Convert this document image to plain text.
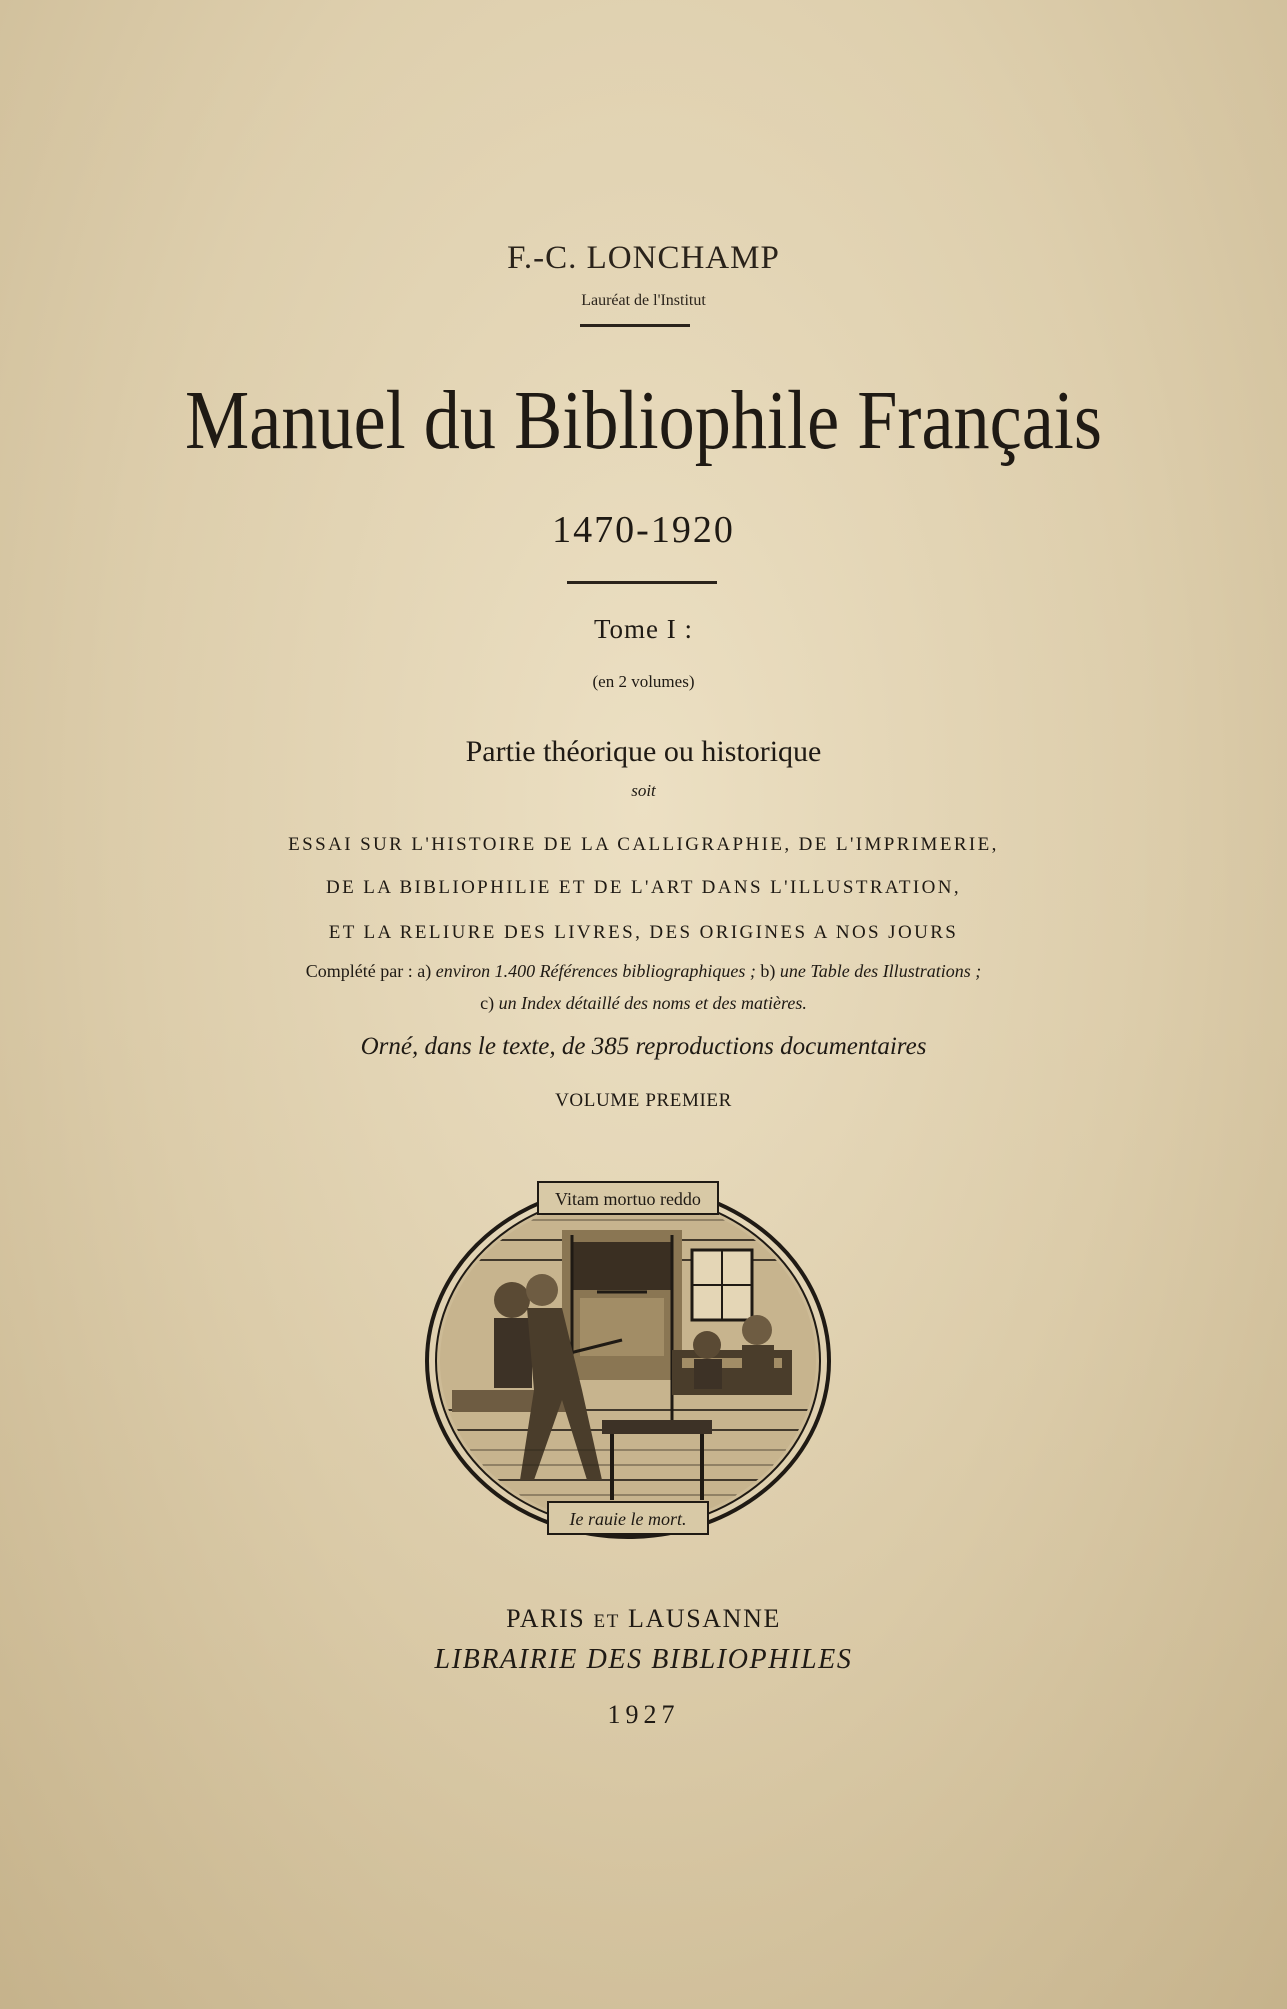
F.-C. LONCHAMP
Lauréat de l'Institut
Manuel du Bibliophile Français
1470-1920
Tome I :
(en 2 volumes)
Partie théorique ou historique
soit
ESSAI SUR L'HISTOIRE DE LA CALLIGRAPHIE, DE L'IMPRIMERIE,
DE LA BIBLIOPHILIE ET DE L'ART DANS L'ILLUSTRATION,
ET LA RELIURE DES LIVRES, DES ORIGINES A NOS JOURS
Complété par : a) environ 1.400 Références bibliographiques ; b) une Table des Illustrations ;
c) un Index détaillé des noms et des matières.
Orné, dans le texte, de 385 reproductions documentaires
VOLUME PREMIER
Vitam mortuo reddo
Ie rauie le mort.
PARIS ET LAUSANNE
LIBRAIRIE DES BIBLIOPHILES
1927
